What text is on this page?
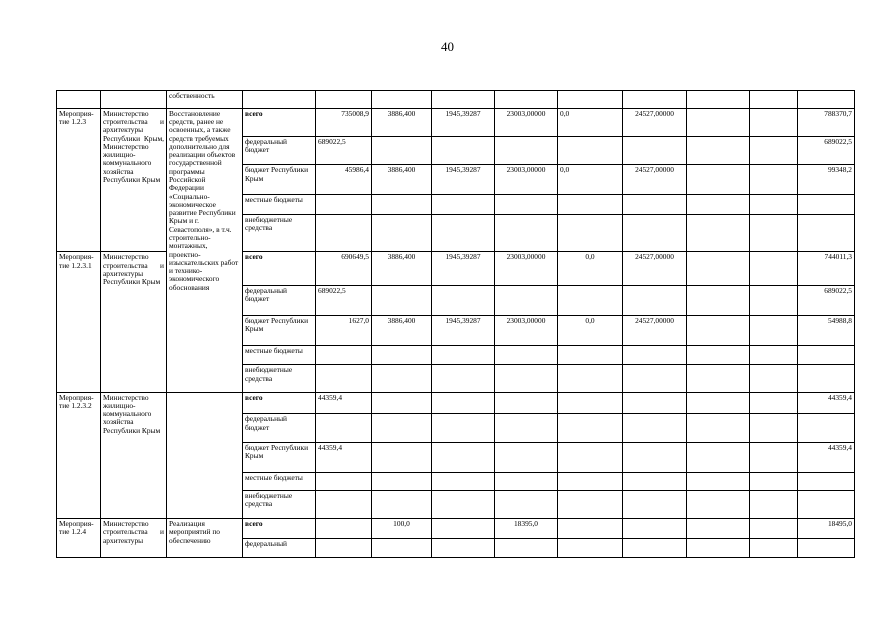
40
		собственность										
Мероприя-тие 1.2.3	Министерство строительства и архитектуры Республики Крым, Министерство жилищно-коммунального хозяйства Республики Крым	Восстановление средств, ранее не освоенных, а также средств требуемых дополнительно для реализации объектов государственной программы Российской Федерации «Социально-экономическое развитие Республики Крым и г. Севастополя», в т.ч. строительно-монтажных, проектно-изыскательских работ и технико-экономического обоснования	всего	735008,9	3886,400	1945,39287	23003,00000	0,0	24527,00000			788370,7
			федеральный бюджет	689022,5								689022,5
			бюджет Республики Крым	45986,4	3886,400	1945,39287	23003,00000	0,0	24527,00000			99348,2
			местные бюджеты									
			внебюджетные средства									
Мероприя-тие 1.2.3.1	Министерство строительства и архитектуры Республики Крым		всего	690649,5	3886,400	1945,39287	23003,00000	0,0	24527,00000			744011,3
			федеральный бюджет	689022,5								689022,5
			бюджет Республики Крым	1627,0	3886,400	1945,39287	23003,00000	0,0	24527,00000			54988,8
			местные бюджеты									
			внебюджетные средства									
Мероприя-тие 1.2.3.2	Министерство жилищно-коммунального хозяйства Республики Крым		всего	44359,4								44359,4
			федеральный бюджет									
			бюджет Республики Крым	44359,4								44359,4
			местные бюджеты									
			внебюджетные средства									
Мероприя-тие 1.2.4	Министерство строительства и архитектуры	Реализация мероприятий по обеспечению	всего		100,0		18395,0					18495,0
			федеральный									
